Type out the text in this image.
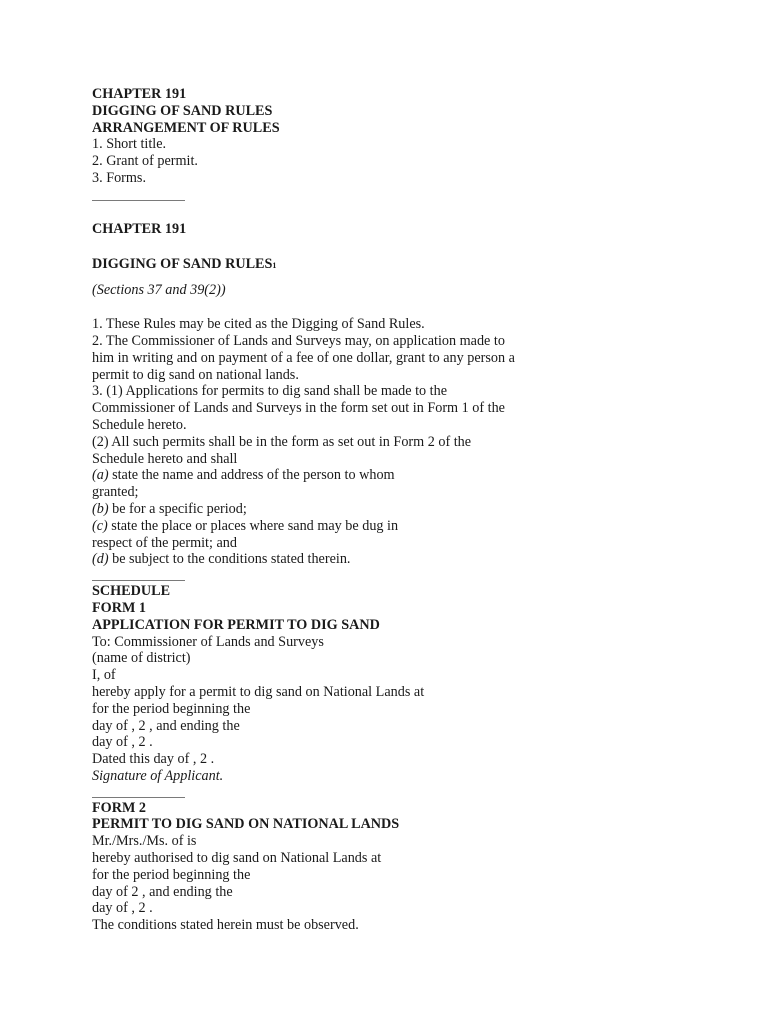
CHAPTER 191
DIGGING OF SAND RULES
ARRANGEMENT OF RULES
1. Short title.
2. Grant of permit.
3. Forms.
CHAPTER 191
DIGGING OF SAND RULES1
(Sections 37 and 39(2))
1. These Rules may be cited as the Digging of Sand Rules.
2. The Commissioner of Lands and Surveys may, on application made to
him in writing and on payment of a fee of one dollar, grant to any person a
permit to dig sand on national lands.
3. (1) Applications for permits to dig sand shall be made to the
Commissioner of Lands and Surveys in the form set out in Form 1 of the
Schedule hereto.
(2) All such permits shall be in the form as set out in Form 2 of the
Schedule hereto and shall
(a) state the name and address of the person to whom
granted;
(b) be for a specific period;
(c) state the place or places where sand may be dug in
respect of the permit; and
(d) be subject to the conditions stated therein.
SCHEDULE
FORM 1
APPLICATION FOR PERMIT TO DIG SAND
To: Commissioner of Lands and Surveys
(name of district)
I, of
hereby apply for a permit to dig sand on National Lands at
for the period beginning the
day of , 2 , and ending the
day of , 2 .
Dated this day of , 2 .
Signature of Applicant.
FORM 2
PERMIT TO DIG SAND ON NATIONAL LANDS
Mr./Mrs./Ms. of is
hereby authorised to dig sand on National Lands at
for the period beginning the
day of 2 , and ending the
day of , 2 .
The conditions stated herein must be observed.
